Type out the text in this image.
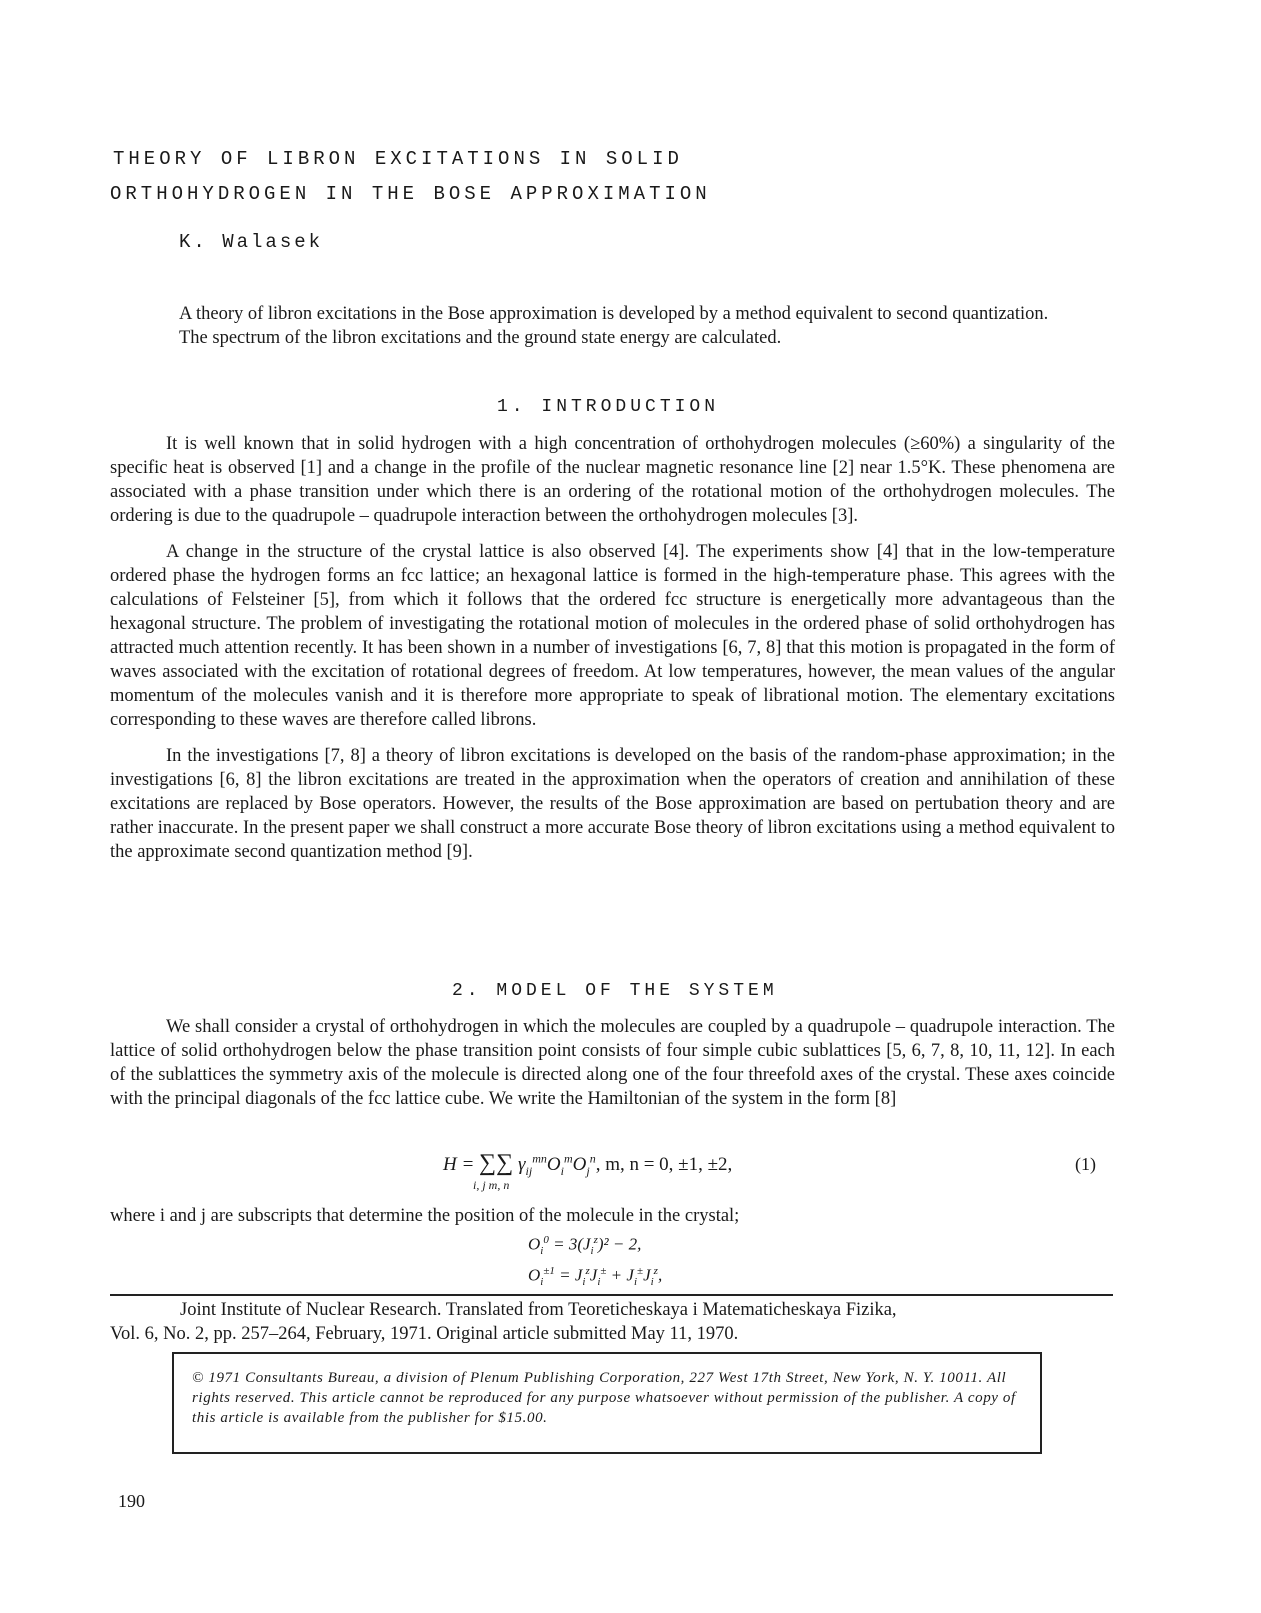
THEORY OF LIBRON EXCITATIONS IN SOLID
ORTHOHYDROGEN IN THE BOSE APPROXIMATION
K. Walasek
A theory of libron excitations in the Bose approximation is developed by a method equivalent to second quantization. The spectrum of the libron excitations and the ground state energy are calculated.
1. INTRODUCTION

It is well known that in solid hydrogen with a high concentration of orthohydrogen molecules (≥60%) a singularity of the specific heat is observed [1] and a change in the profile of the nuclear magnetic resonance line [2] near 1.5°K. These phenomena are associated with a phase transition under which there is an ordering of the rotational motion of the orthohydrogen molecules. The ordering is due to the quadrupole – quadrupole interaction between the orthohydrogen molecules [3].

A change in the structure of the crystal lattice is also observed [4]. The experiments show [4] that in the low-temperature ordered phase the hydrogen forms an fcc lattice; an hexagonal lattice is formed in the high-temperature phase. This agrees with the calculations of Felsteiner [5], from which it follows that the ordered fcc structure is energetically more advantageous than the hexagonal structure. The problem of investigating the rotational motion of molecules in the ordered phase of solid orthohydrogen has attracted much attention recently. It has been shown in a number of investigations [6, 7, 8] that this motion is propagated in the form of waves associated with the excitation of rotational degrees of freedom. At low temperatures, however, the mean values of the angular momentum of the molecules vanish and it is therefore more appropriate to speak of librational motion. The elementary excitations corresponding to these waves are therefore called librons.

In the investigations [7, 8] a theory of libron excitations is developed on the basis of the random-phase approximation; in the investigations [6, 8] the libron excitations are treated in the approximation when the operators of creation and annihilation of these excitations are replaced by Bose operators. However, the results of the Bose approximation are based on pertubation theory and are rather inaccurate. In the present paper we shall construct a more accurate Bose theory of libron excitations using a method equivalent to the approximate second quantization method [9].

2. MODEL OF THE SYSTEM

We shall consider a crystal of orthohydrogen in which the molecules are coupled by a quadrupole – quadrupole interaction. The lattice of solid orthohydrogen below the phase transition point consists of four simple cubic sublattices [5, 6, 7, 8, 10, 11, 12]. In each of the sublattices the symmetry axis of the molecule is directed along one of the four threefold axes of the crystal. These axes coincide with the principal diagonals of the fcc lattice cube. We write the Hamiltonian of the system in the form [8]

H = ∑∑ $\gamma_{ij}^{mn}O_i^mO_j^n$, m, n = 0, ±1, ±2,
i, j m, n
(1)
where i and j are subscripts that determine the position of the molecule in the crystal;
$O_i^0 = 3(J_i^z)^2 - 2$,
$O_i^{\pm 1} = J_i^zJ_i^\pm + J_i^\pm J_i^z$,
Joint Institute of Nuclear Research. Translated from Teoreticheskaya i Matematicheskaya Fizika,
Vol. 6, No. 2, pp. 257–264, February, 1971. Original article submitted May 11, 1970.
© 1971 Consultants Bureau, a division of Plenum Publishing Corporation, 227 West 17th Street, New York, N. Y. 10011. All rights reserved. This article cannot be reproduced for any purpose whatsoever without permission of the publisher. A copy of this article is available from the publisher for $15.00.
190
